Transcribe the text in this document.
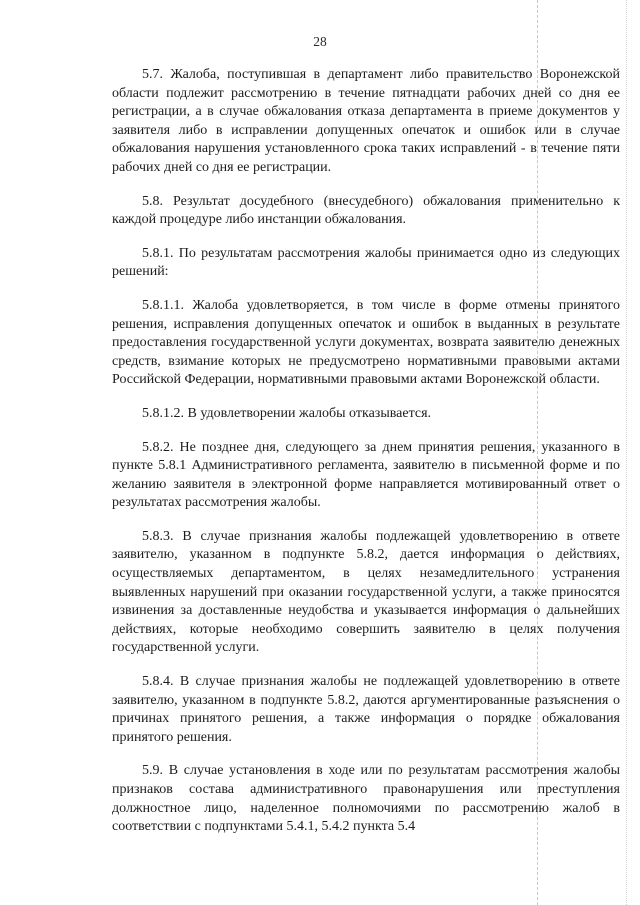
28

5.7. Жалоба, поступившая в департамент либо правительство Воронежской области подлежит рассмотрению в течение пятнадцати рабочих дней со дня ее регистрации, а в случае обжалования отказа департамента в приеме документов у заявителя либо в исправлении допущенных опечаток и ошибок или в случае обжалования нарушения установленного срока таких исправлений - в течение пяти рабочих дней со дня ее регистрации.

5.8. Результат досудебного (внесудебного) обжалования применительно к каждой процедуре либо инстанции обжалования.

5.8.1. По результатам рассмотрения жалобы принимается одно из следующих решений:

5.8.1.1. Жалоба удовлетворяется, в том числе в форме отмены принятого решения, исправления допущенных опечаток и ошибок в выданных в результате предоставления государственной услуги документах, возврата заявителю денежных средств, взимание которых не предусмотрено нормативными правовыми актами Российской Федерации, нормативными правовыми актами Воронежской области.

5.8.1.2. В удовлетворении жалобы отказывается.

5.8.2. Не позднее дня, следующего за днем принятия решения, указанного в пункте 5.8.1 Административного регламента, заявителю в письменной форме и по желанию заявителя в электронной форме направляется мотивированный ответ о результатах рассмотрения жалобы.

5.8.3. В случае признания жалобы подлежащей удовлетворению в ответе заявителю, указанном в подпункте 5.8.2, дается информация о действиях, осуществляемых департаментом, в целях незамедлительного устранения выявленных нарушений при оказании государственной услуги, а также приносятся извинения за доставленные неудобства и указывается информация о дальнейших действиях, которые необходимо совершить заявителю в целях получения государственной услуги.

5.8.4. В случае признания жалобы не подлежащей удовлетворению в ответе заявителю, указанном в подпункте 5.8.2, даются аргументированные разъяснения о причинах принятого решения, а также информация о порядке обжалования принятого решения.

5.9. В случае установления в ходе или по результатам рассмотрения жалобы признаков состава административного правонарушения или преступления должностное лицо, наделенное полномочиями по рассмотрению жалоб в соответствии с подпунктами 5.4.1, 5.4.2 пункта 5.4
